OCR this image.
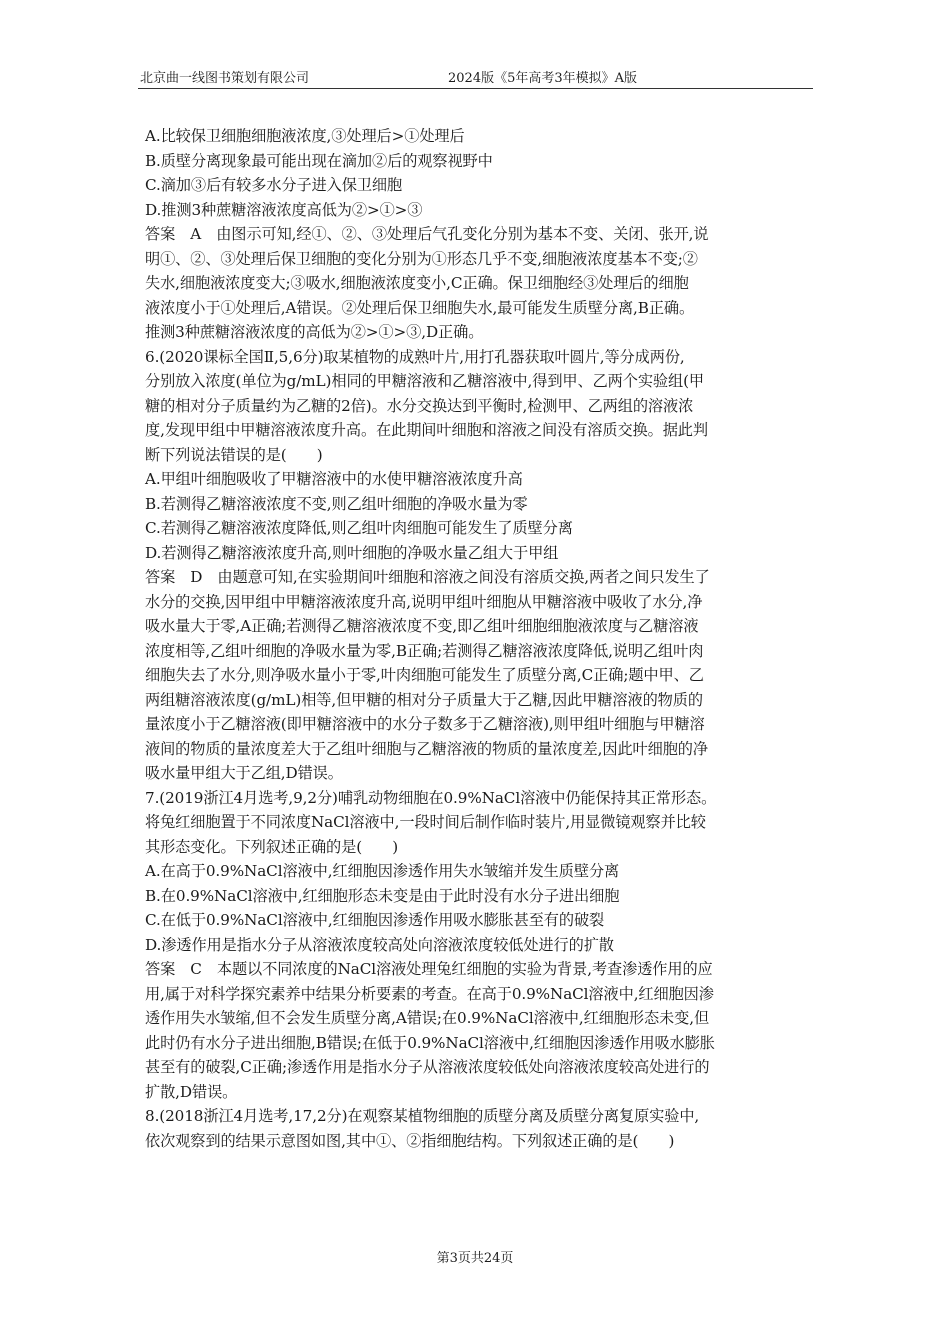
北京曲一线图书策划有限公司	2024版《5年高考3年模拟》A版

A.比较保卫细胞细胞液浓度,③处理后>①处理后

B.质壁分离现象最可能出现在滴加②后的观察视野中

C.滴加③后有较多水分子进入保卫细胞

D.推测3种蔗糖溶液浓度高低为②>①>③

答案　A　由图示可知,经①、②、③处理后气孔变化分别为基本不变、关闭、张开,说

明①、②、③处理后保卫细胞的变化分别为①形态几乎不变,细胞液浓度基本不变;②

失水,细胞液浓度变大;③吸水,细胞液浓度变小,C正确。保卫细胞经③处理后的细胞

液浓度小于①处理后,A错误。②处理后保卫细胞失水,最可能发生质壁分离,B正确。

推测3种蔗糖溶液浓度的高低为②>①>③,D正确。

6.(2020课标全国Ⅱ,5,6分)取某植物的成熟叶片,用打孔器获取叶圆片,等分成两份,

分别放入浓度(单位为g/mL)相同的甲糖溶液和乙糖溶液中,得到甲、乙两个实验组(甲

糖的相对分子质量约为乙糖的2倍)。水分交换达到平衡时,检测甲、乙两组的溶液浓

度,发现甲组中甲糖溶液浓度升高。在此期间叶细胞和溶液之间没有溶质交换。据此判

断下列说法错误的是(　　)

A.甲组叶细胞吸收了甲糖溶液中的水使甲糖溶液浓度升高

B.若测得乙糖溶液浓度不变,则乙组叶细胞的净吸水量为零

C.若测得乙糖溶液浓度降低,则乙组叶肉细胞可能发生了质壁分离

D.若测得乙糖溶液浓度升高,则叶细胞的净吸水量乙组大于甲组

答案　D　由题意可知,在实验期间叶细胞和溶液之间没有溶质交换,两者之间只发生了

水分的交换,因甲组中甲糖溶液浓度升高,说明甲组叶细胞从甲糖溶液中吸收了水分,净

吸水量大于零,A正确;若测得乙糖溶液浓度不变,即乙组叶细胞细胞液浓度与乙糖溶液

浓度相等,乙组叶细胞的净吸水量为零,B正确;若测得乙糖溶液浓度降低,说明乙组叶肉

细胞失去了水分,则净吸水量小于零,叶肉细胞可能发生了质壁分离,C正确;题中甲、乙

两组糖溶液浓度(g/mL)相等,但甲糖的相对分子质量大于乙糖,因此甲糖溶液的物质的

量浓度小于乙糖溶液(即甲糖溶液中的水分子数多于乙糖溶液),则甲组叶细胞与甲糖溶

液间的物质的量浓度差大于乙组叶细胞与乙糖溶液的物质的量浓度差,因此叶细胞的净

吸水量甲组大于乙组,D错误。

7.(2019浙江4月选考,9,2分)哺乳动物细胞在0.9%NaCl溶液中仍能保持其正常形态。

将兔红细胞置于不同浓度NaCl溶液中,一段时间后制作临时装片,用显微镜观察并比较

其形态变化。下列叙述正确的是(　　)

A.在高于0.9%NaCl溶液中,红细胞因渗透作用失水皱缩并发生质壁分离

B.在0.9%NaCl溶液中,红细胞形态未变是由于此时没有水分子进出细胞

C.在低于0.9%NaCl溶液中,红细胞因渗透作用吸水膨胀甚至有的破裂

D.渗透作用是指水分子从溶液浓度较高处向溶液浓度较低处进行的扩散

答案　C　本题以不同浓度的NaCl溶液处理兔红细胞的实验为背景,考查渗透作用的应

用,属于对科学探究素养中结果分析要素的考查。在高于0.9%NaCl溶液中,红细胞因渗

透作用失水皱缩,但不会发生质壁分离,A错误;在0.9%NaCl溶液中,红细胞形态未变,但

此时仍有水分子进出细胞,B错误;在低于0.9%NaCl溶液中,红细胞因渗透作用吸水膨胀

甚至有的破裂,C正确;渗透作用是指水分子从溶液浓度较低处向溶液浓度较高处进行的

扩散,D错误。

8.(2018浙江4月选考,17,2分)在观察某植物细胞的质壁分离及质壁分离复原实验中,

依次观察到的结果示意图如图,其中①、②指细胞结构。下列叙述正确的是(　　)

第3页共24页
